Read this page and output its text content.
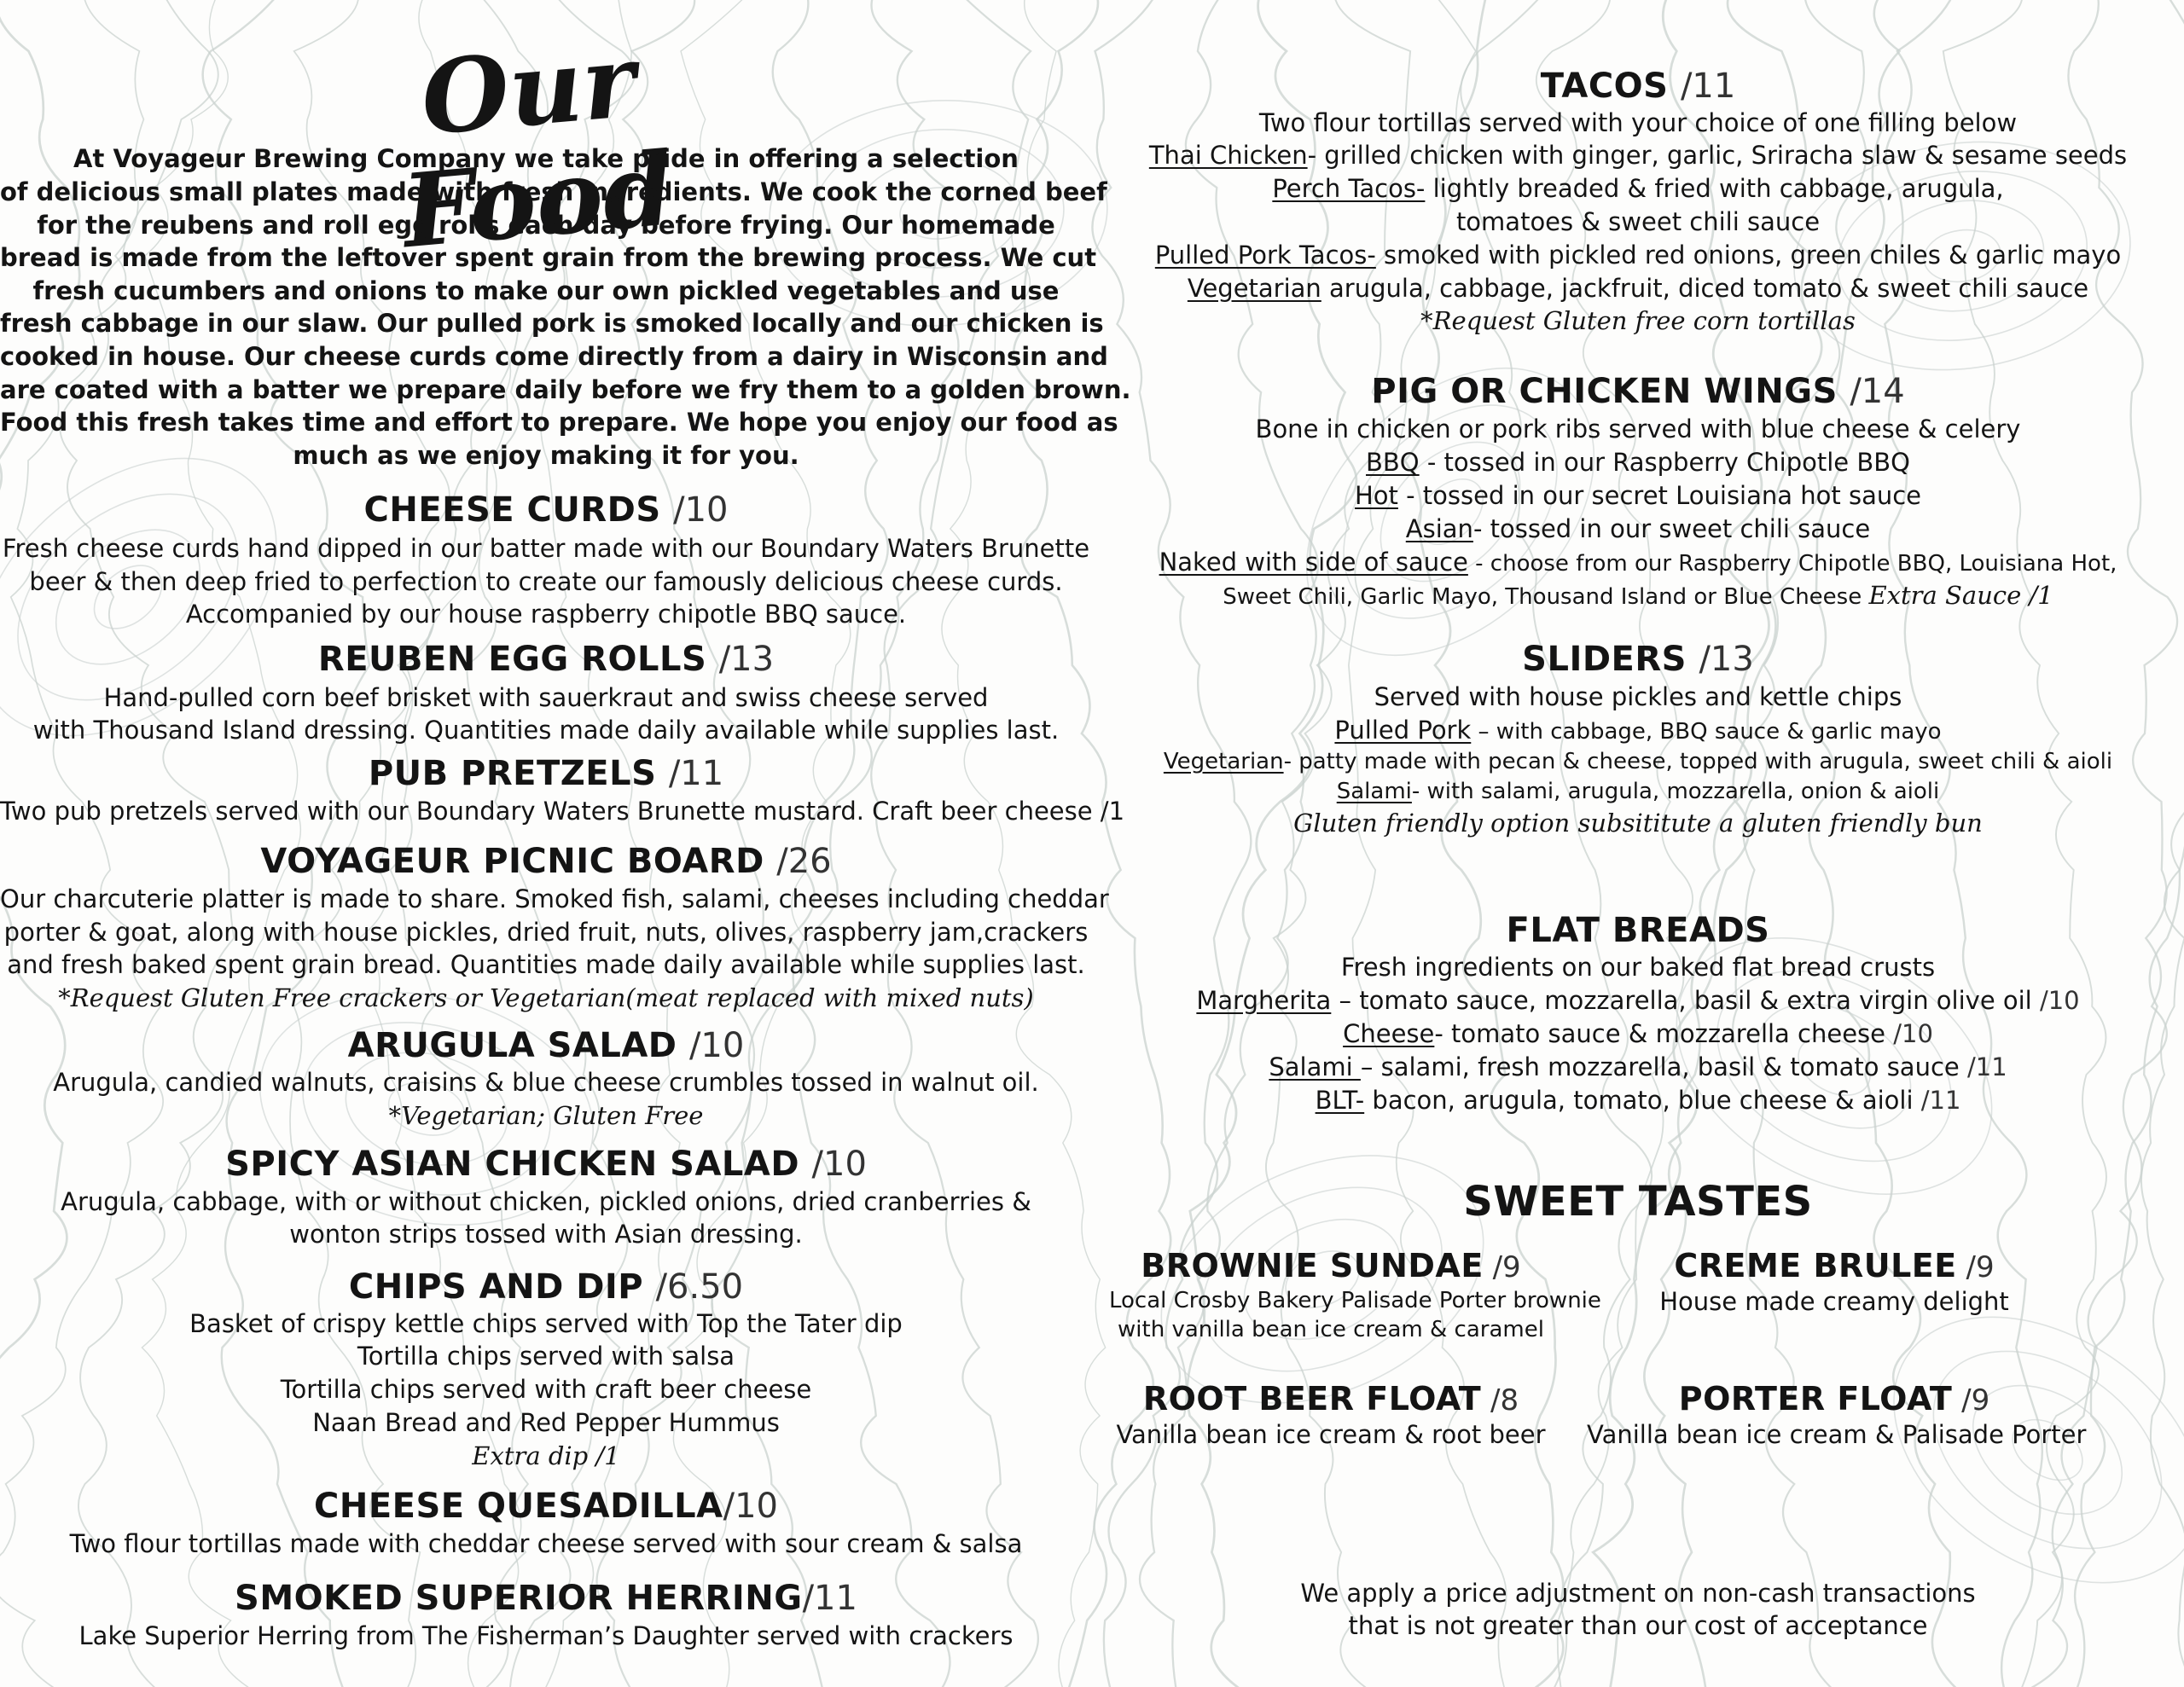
Our Food
At Voyageur Brewing Company we take pride in offering a selection
of delicious small plates made with fresh ingredients. We cook the corned beef
for the reubens and roll egg rolls each day before frying. Our homemade
bread is made from the leftover spent grain from the brewing process. We cut
fresh cucumbers and onions to make our own pickled vegetables and use
fresh cabbage in our slaw. Our pulled pork is smoked locally and our chicken is
cooked in house. Our cheese curds come directly from a dairy in Wisconsin and
are coated with a batter we prepare daily before we fry them to a golden brown.
Food this fresh takes time and effort to prepare. We hope you enjoy our food as
much as we enjoy making it for you.
CHEESE CURDS /10
Fresh cheese curds hand dipped in our batter made with our Boundary Waters Brunette
beer & then deep fried to perfection to create our famously delicious cheese curds.
Accompanied by our house raspberry chipotle BBQ sauce.
REUBEN EGG ROLLS /13
Hand-pulled corn beef brisket with sauerkraut and swiss cheese served
with Thousand Island dressing. Quantities made daily available while supplies last.
PUB PRETZELS /11
Two pub pretzels served with our Boundary Waters Brunette mustard. Craft beer cheese /1
VOYAGEUR PICNIC BOARD /26
Our charcuterie platter is made to share. Smoked fish, salami, cheeses including cheddar
porter & goat, along with house pickles, dried fruit, nuts, olives, raspberry jam,crackers
and fresh baked spent grain bread. Quantities made daily available while supplies last.
*Request Gluten Free crackers or Vegetarian(meat replaced with mixed nuts)
ARUGULA SALAD /10
Arugula, candied walnuts, craisins & blue cheese crumbles tossed in walnut oil.
*Vegetarian; Gluten Free
SPICY ASIAN CHICKEN SALAD /10
Arugula, cabbage, with or without chicken, pickled onions, dried cranberries &
wonton strips tossed with Asian dressing.
CHIPS AND DIP /6.50
Basket of crispy kettle chips served with Top the Tater dip
Tortilla chips served with salsa
Tortilla chips served with craft beer cheese
Naan Bread and Red Pepper Hummus
Extra dip /1
CHEESE QUESADILLA/10
Two flour tortillas made with cheddar cheese served with sour cream & salsa
SMOKED SUPERIOR HERRING/11
Lake Superior Herring from The Fisherman’s Daughter served with crackers
TACOS /11
Two flour tortillas served with your choice of one filling below
Thai Chicken- grilled chicken with ginger, garlic, Sriracha slaw & sesame seeds
Perch Tacos- lightly breaded & fried with cabbage, arugula,
tomatoes & sweet chili sauce
Pulled Pork Tacos- smoked with pickled red onions, green chiles & garlic mayo
Vegetarian arugula, cabbage, jackfruit, diced tomato & sweet chili sauce
*Request Gluten free corn tortillas
PIG OR CHICKEN WINGS /14
Bone in chicken or pork ribs served with blue cheese & celery
BBQ - tossed in our Raspberry Chipotle BBQ
Hot - tossed in our secret Louisiana hot sauce
Asian- tossed in our sweet chili sauce
Naked with side of sauce - choose from our Raspberry Chipotle BBQ, Louisiana Hot,
Sweet Chili, Garlic Mayo, Thousand Island or Blue Cheese Extra Sauce /1
SLIDERS /13
Served with house pickles and kettle chips
Pulled Pork – with cabbage, BBQ sauce & garlic mayo
Vegetarian- patty made with pecan & cheese, topped with arugula, sweet chili & aioli
Salami- with salami, arugula, mozzarella, onion & aioli
Gluten friendly option subsititute a gluten friendly bun
FLAT BREADS
Fresh ingredients on our baked flat bread crusts
Margherita – tomato sauce, mozzarella, basil & extra virgin olive oil /10
Cheese- tomato sauce & mozzarella cheese /10
Salami – salami, fresh mozzarella, basil & tomato sauce /11
BLT- bacon, arugula, tomato, blue cheese & aioli /11
SWEET TASTES
We apply a price adjustment on non-cash transactions
that is not greater than our cost of acceptance
BROWNIE SUNDAE /9
Local Crosby Bakery Palisade Porter brownie
with vanilla bean ice cream & caramel
CREME BRULEE /9
House made creamy delight
ROOT BEER FLOAT /8
Vanilla bean ice cream & root beer
PORTER FLOAT /9
Vanilla bean ice cream & Palisade Porter
